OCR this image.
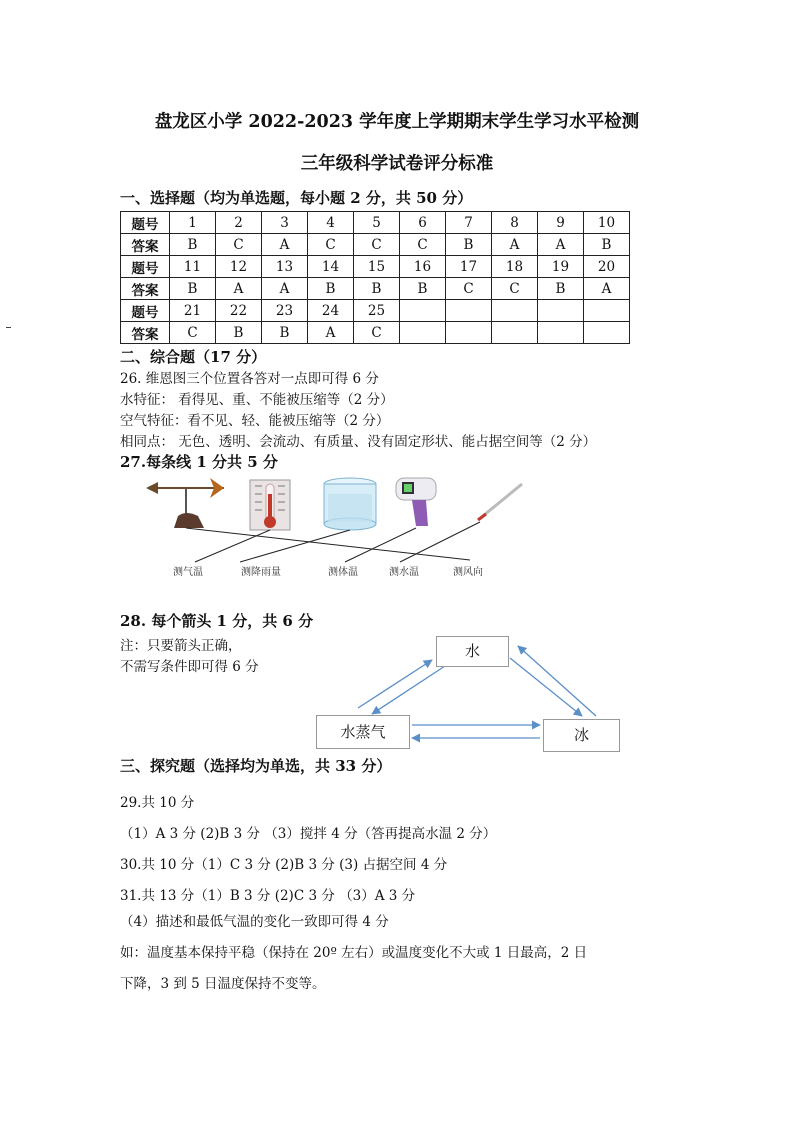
盘龙区小学 2022-2023 学年度上学期期末学生学习水平检测
三年级科学试卷评分标准
一、选择题（均为单选题，每小题 2 分，共 50 分）
题号	1	2	3	4	5	6	7	8	9	10
答案	B	C	A	C	C	C	B	A	A	B
题号	11	12	13	14	15	16	17	18	19	20
答案	B	A	A	B	B	B	C	C	B	A
题号	21	22	23	24	25					
答案	C	B	B	A	C					
二、综合题（17 分）
26. 维恩图三个位置各答对一点即可得 6 分
水特征： 看得见、重、不能被压缩等（2 分）
空气特征：看不见、轻、能被压缩等（2 分）
相同点： 无色、透明、会流动、有质量、没有固定形状、能占据空间等（2 分）
27.每条线 1 分共 5 分
测气温	测降雨量	测体温	测水温	测风向
28. 每个箭头 1 分，共 6 分
注：只要箭头正确，
不需写条件即可得 6 分
水
水蒸气	冰
三、探究题（选择均为单选，共 33 分）
29.共 10 分
（1）A 3 分 (2)B 3 分 （3）搅拌 4 分（答再提高水温 2 分）
30.共 10 分（1）C 3 分 (2)B 3 分 (3) 占据空间 4 分
31.共 13 分（1）B 3 分 (2)C 3 分 （3）A 3 分
（4）描述和最低气温的变化一致即可得 4 分
如：温度基本保持平稳（保持在 20º 左右）或温度变化不大或 1 日最高，2 日
下降，3 到 5 日温度保持不变等。
